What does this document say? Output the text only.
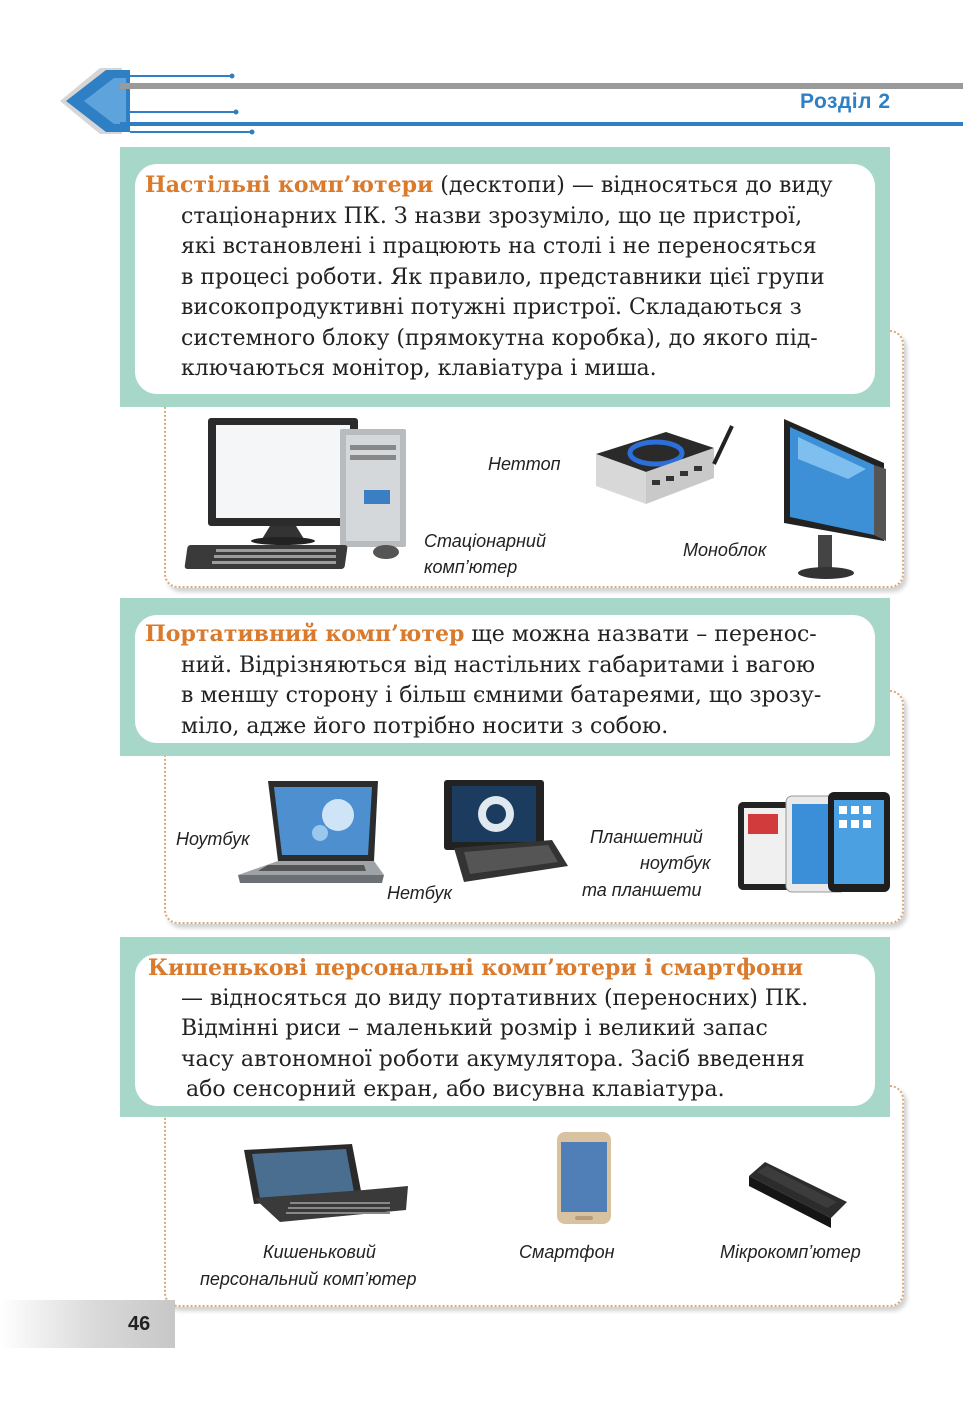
Розділ 2
Настільні комп’ютери (десктопи) — відносяться до виду
стаціонарних ПК. З назви зрозуміло, що це пристрої,
які встановлені і працюють на столі і не переносяться
в процесі роботи. Як правило, представники цієї групи
високопродуктивні потужні пристрої. Складаються з
системного блоку (прямокутна коробка), до якого під-
ключаються монітор, клавіатура і миша.
Неттоп
Стаціонарний
комп’ютер
Моноблок
Портативний комп’ютер ще можна назвати – перенос-
ний. Відрізняються від настільних габаритами і вагою
в меншу сторону і більш ємними батареями, що зрозу-
міло, адже його потрібно носити з собою.
Ноутбук
Нетбук
Планшетний
ноутбук
та планшети
Кишенькові персональні комп’ютери і смартфони
— відносяться до виду портативних (переносних) ПК.
Відмінні риси – маленький розмір і великий запас
часу автономної роботи акумулятора. Засіб введення
або сенсорний екран, або висувна клавіатура.
Кишеньковий
персональний комп’ютер
Смартфон	Мікрокомп’ютер
46
